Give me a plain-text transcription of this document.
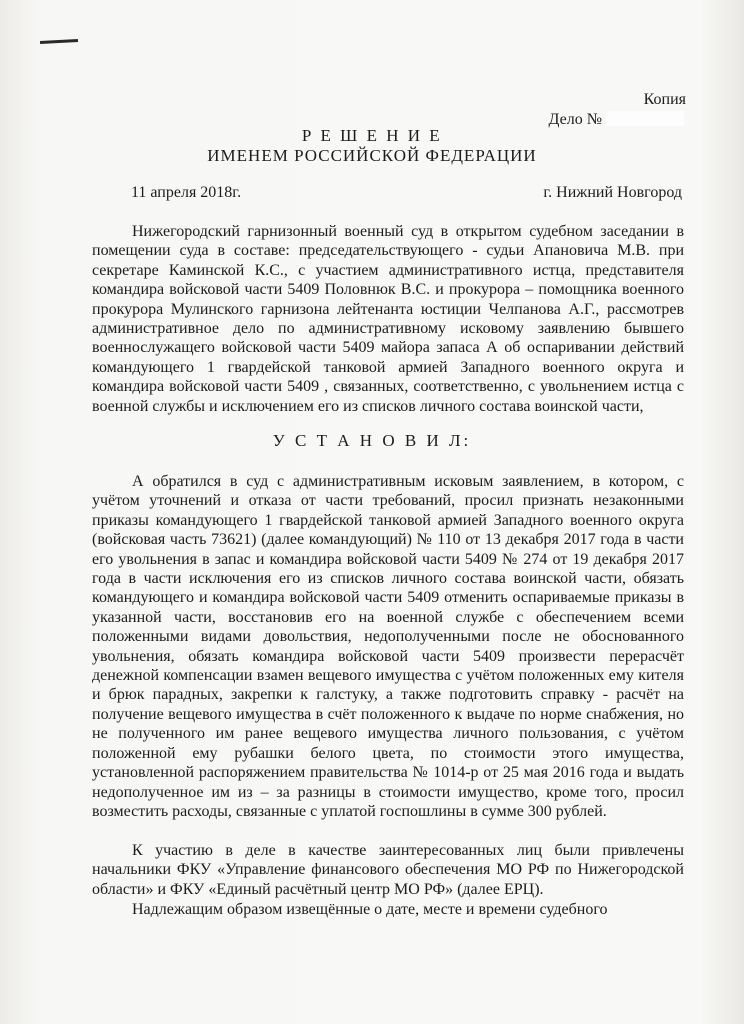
Копия
Дело №
Р Е Ш Е Н И Е
ИМЕНЕМ РОССИЙСКОЙ ФЕДЕРАЦИИ
11 апреля 2018г.	г. Нижний Новгород
Нижегородский гарнизонный военный суд в открытом судебном заседании в помещении суда в составе: председательствующего - судьи Апановича М.В. при секретаре Каминской К.С., с участием административного истца, представителя командира войсковой части 5409 Половнюк В.С. и прокурора – помощника военного прокурора Мулинского гарнизона лейтенанта юстиции Челпанова А.Г., рассмотрев административное дело по административному исковому заявлению бывшего военнослужащего войсковой части 5409 майора запаса А об оспаривании действий командующего 1 гвардейской танковой армией Западного военного округа и командира войсковой части 5409 , связанных, соответственно, с увольнением истца с военной службы и исключением его из списков личного состава воинской части,
У С Т А Н О В И Л:
А обратился в суд с административным исковым заявлением, в котором, с учётом уточнений и отказа от части требований, просил признать незаконными приказы командующего 1 гвардейской танковой армией Западного военного округа (войсковая часть 73621) (далее командующий) № 110 от 13 декабря 2017 года в части его увольнения в запас и командира войсковой части 5409 № 274 от 19 декабря 2017 года в части исключения его из списков личного состава воинской части, обязать командующего и командира войсковой части 5409 отменить оспариваемые приказы в указанной части, восстановив его на военной службе с обеспечением всеми положенными видами довольствия, недополученными после не обоснованного увольнения, обязать командира войсковой части 5409 произвести перерасчёт денежной компенсации взамен вещевого имущества с учётом положенных ему кителя и брюк парадных, закрепки к галстуку, а также подготовить справку - расчёт на получение вещевого имущества в счёт положенного к выдаче по норме снабжения, но не полученного им ранее вещевого имущества личного пользования, с учётом положенной ему рубашки белого цвета, по стоимости этого имущества, установленной распоряжением правительства № 1014-р от 25 мая 2016 года и выдать недополученное им из – за разницы в стоимости имущество, кроме того, просил возместить расходы, связанные с уплатой госпошлины в сумме 300 рублей.
К участию в деле в качестве заинтересованных лиц были привлечены начальники ФКУ «Управление финансового обеспечения МО РФ по Нижегородской области» и ФКУ «Единый расчётный центр МО РФ» (далее ЕРЦ).
Надлежащим образом извещённые о дате, месте и времени судебного
